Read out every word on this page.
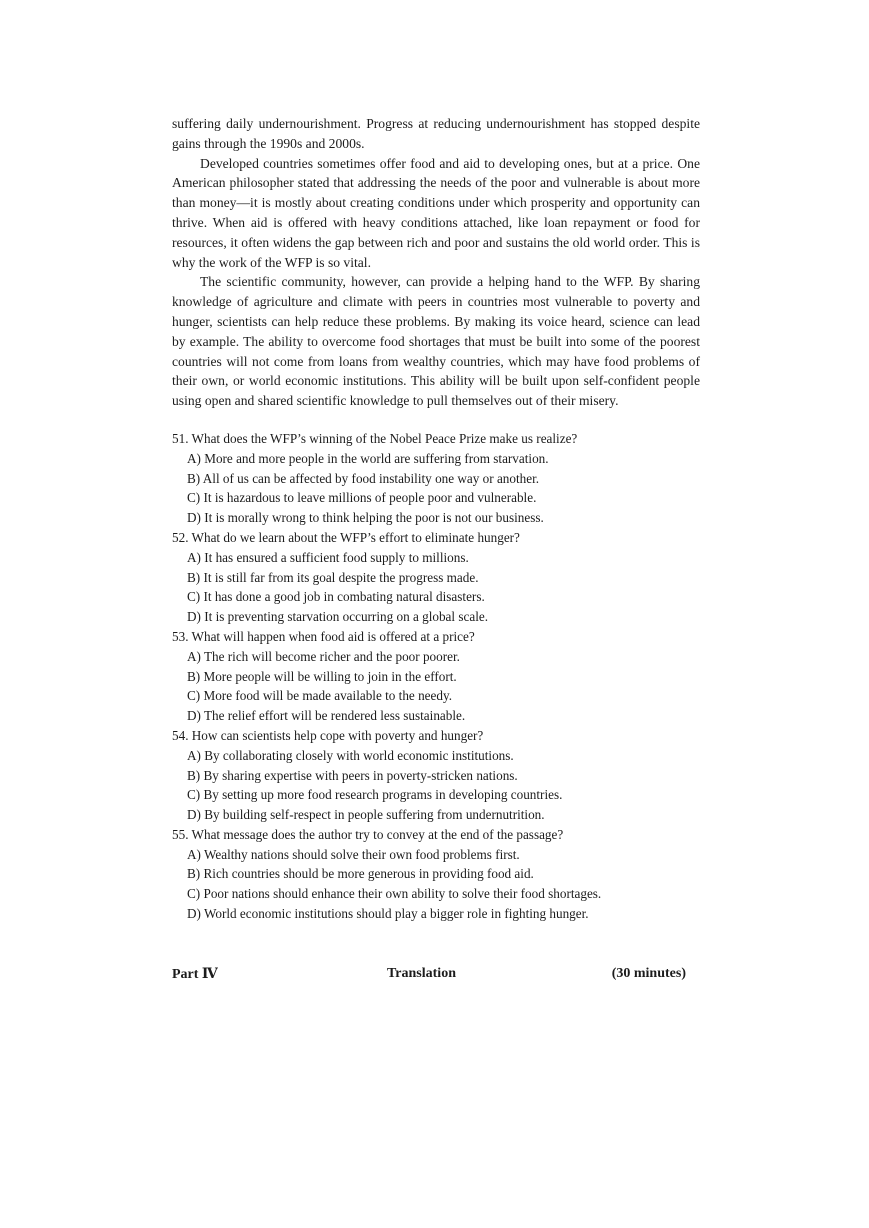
suffering daily undernourishment. Progress at reducing undernourishment has stopped despite gains through the 1990s and 2000s.

Developed countries sometimes offer food and aid to developing ones, but at a price. One American philosopher stated that addressing the needs of the poor and vulnerable is about more than money—it is mostly about creating conditions under which prosperity and opportunity can thrive. When aid is offered with heavy conditions attached, like loan repayment or food for resources, it often widens the gap between rich and poor and sustains the old world order. This is why the work of the WFP is so vital.

The scientific community, however, can provide a helping hand to the WFP. By sharing knowledge of agriculture and climate with peers in countries most vulnerable to poverty and hunger, scientists can help reduce these problems. By making its voice heard, science can lead by example. The ability to overcome food shortages that must be built into some of the poorest countries will not come from loans from wealthy countries, which may have food problems of their own, or world economic institutions. This ability will be built upon self-confident people using open and shared scientific knowledge to pull themselves out of their misery.

51. What does the WFP’s winning of the Nobel Peace Prize make us realize?

A) More and more people in the world are suffering from starvation.

B) All of us can be affected by food instability one way or another.

C) It is hazardous to leave millions of people poor and vulnerable.

D) It is morally wrong to think helping the poor is not our business.

52. What do we learn about the WFP’s effort to eliminate hunger?

A) It has ensured a sufficient food supply to millions.

B) It is still far from its goal despite the progress made.

C) It has done a good job in combating natural disasters.

D) It is preventing starvation occurring on a global scale.

53. What will happen when food aid is offered at a price?

A) The rich will become richer and the poor poorer.

B) More people will be willing to join in the effort.

C) More food will be made available to the needy.

D) The relief effort will be rendered less sustainable.

54. How can scientists help cope with poverty and hunger?

A) By collaborating closely with world economic institutions.

B) By sharing expertise with peers in poverty-stricken nations.

C) By setting up more food research programs in developing countries.

D) By building self-respect in people suffering from undernutrition.

55. What message does the author try to convey at the end of the passage?

A) Wealthy nations should solve their own food problems first.

B) Rich countries should be more generous in providing food aid.

C) Poor nations should enhance their own ability to solve their food shortages.

D) World economic institutions should play a bigger role in fighting hunger.

Part Ⅳ	Translation	(30 minutes)
